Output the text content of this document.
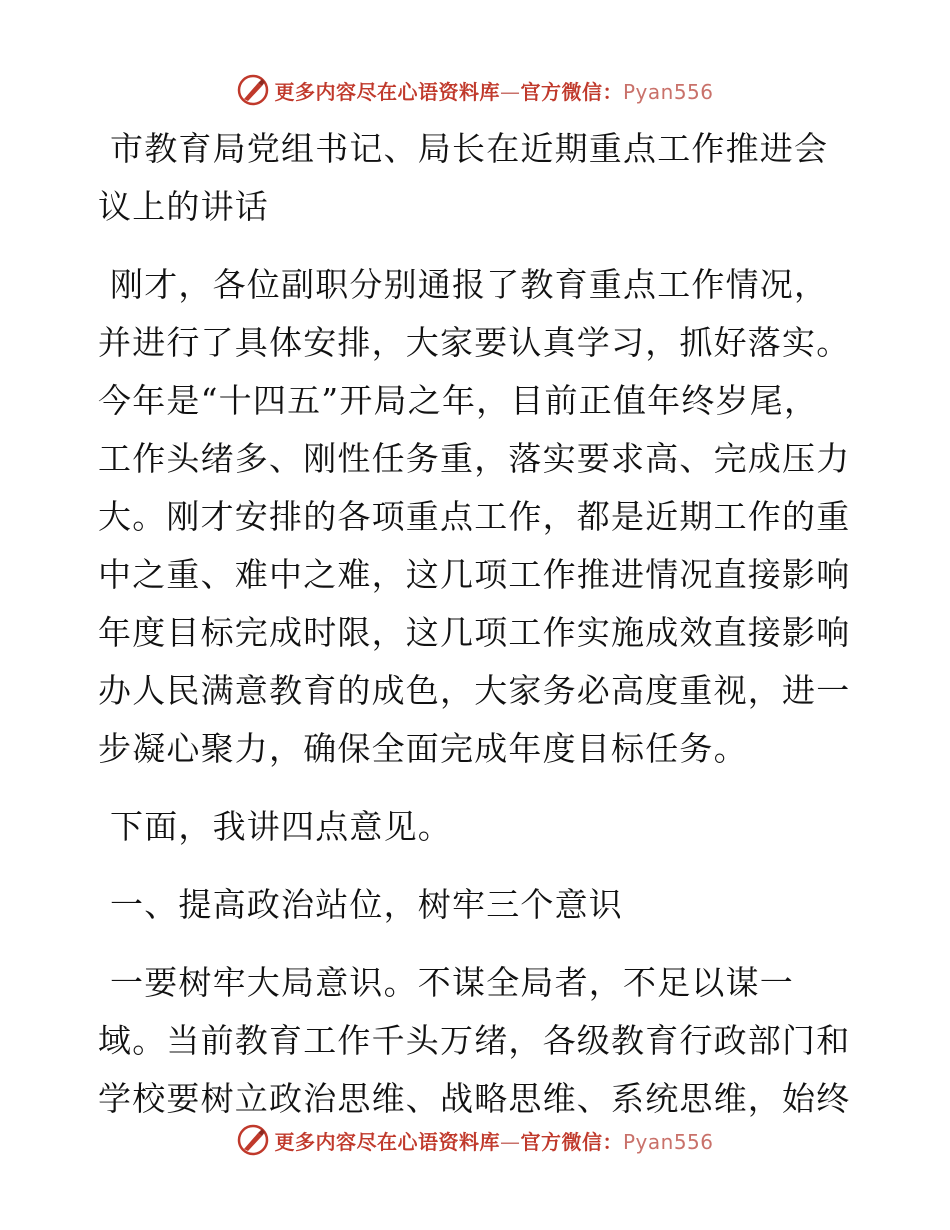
更多内容尽在心语资料库—官方微信：Pyan556
市教育局党组书记、局长在近期重点工作推进会
议上的讲话
刚才，各位副职分别通报了教育重点工作情况，
并进行了具体安排，大家要认真学习，抓好落实。
今年是“十四五”开局之年，目前正值年终岁尾，
工作头绪多、刚性任务重，落实要求高、完成压力
大。刚才安排的各项重点工作，都是近期工作的重
中之重、难中之难，这几项工作推进情况直接影响
年度目标完成时限，这几项工作实施成效直接影响
办人民满意教育的成色，大家务必高度重视，进一
步凝心聚力，确保全面完成年度目标任务。
下面，我讲四点意见。
一、提高政治站位，树牢三个意识
一要树牢大局意识。不谋全局者，不足以谋一
域。当前教育工作千头万绪，各级教育行政部门和
学校要树立政治思维、战略思维、系统思维，始终
更多内容尽在心语资料库—官方微信：Pyan556
